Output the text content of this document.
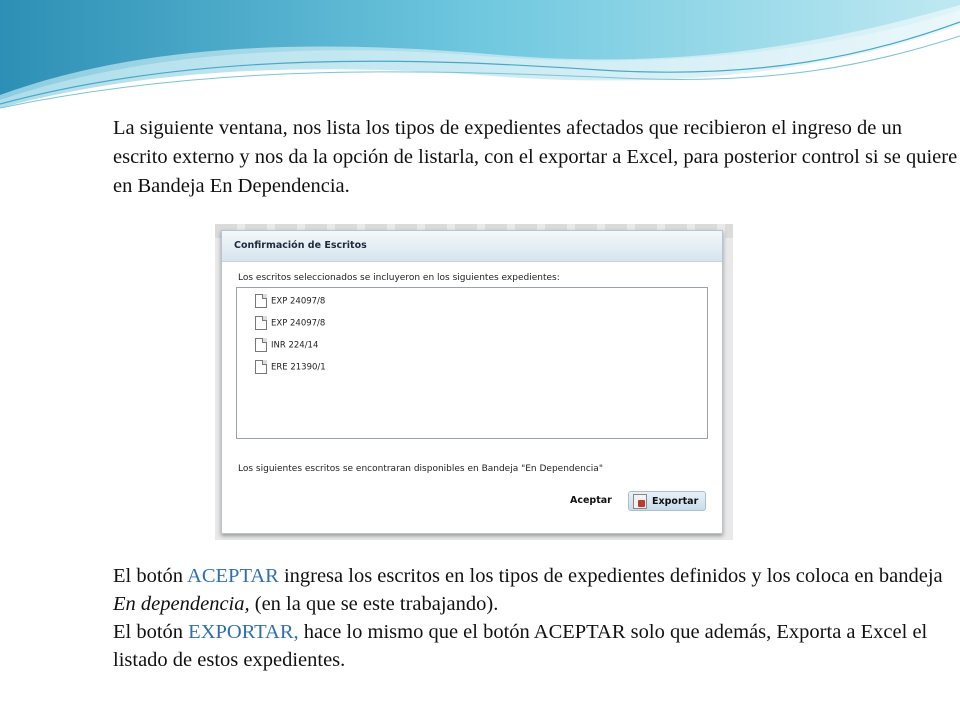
La siguiente ventana, nos lista los tipos de expedientes afectados que recibieron el ingreso de un escrito externo y nos da la opción de listarla, con el exportar a Excel, para posterior control si se quiere en Bandeja En Dependencia.

Confirmación de Escritos
Los escritos seleccionados se incluyeron en los siguientes expedientes:
EXP 24097/8
EXP 24097/8
INR 224/14
ERE 21390/1
Los siguientes escritos se encontraran disponibles en Bandeja "En Dependencia"
Aceptar	Exportar
El botón ACEPTAR ingresa los escritos en los tipos de expedientes definidos y los coloca en bandeja En dependencia, (en la que se este trabajando).
El botón EXPORTAR, hace lo mismo que el botón ACEPTAR solo que además, Exporta a Excel el listado de estos expedientes.
